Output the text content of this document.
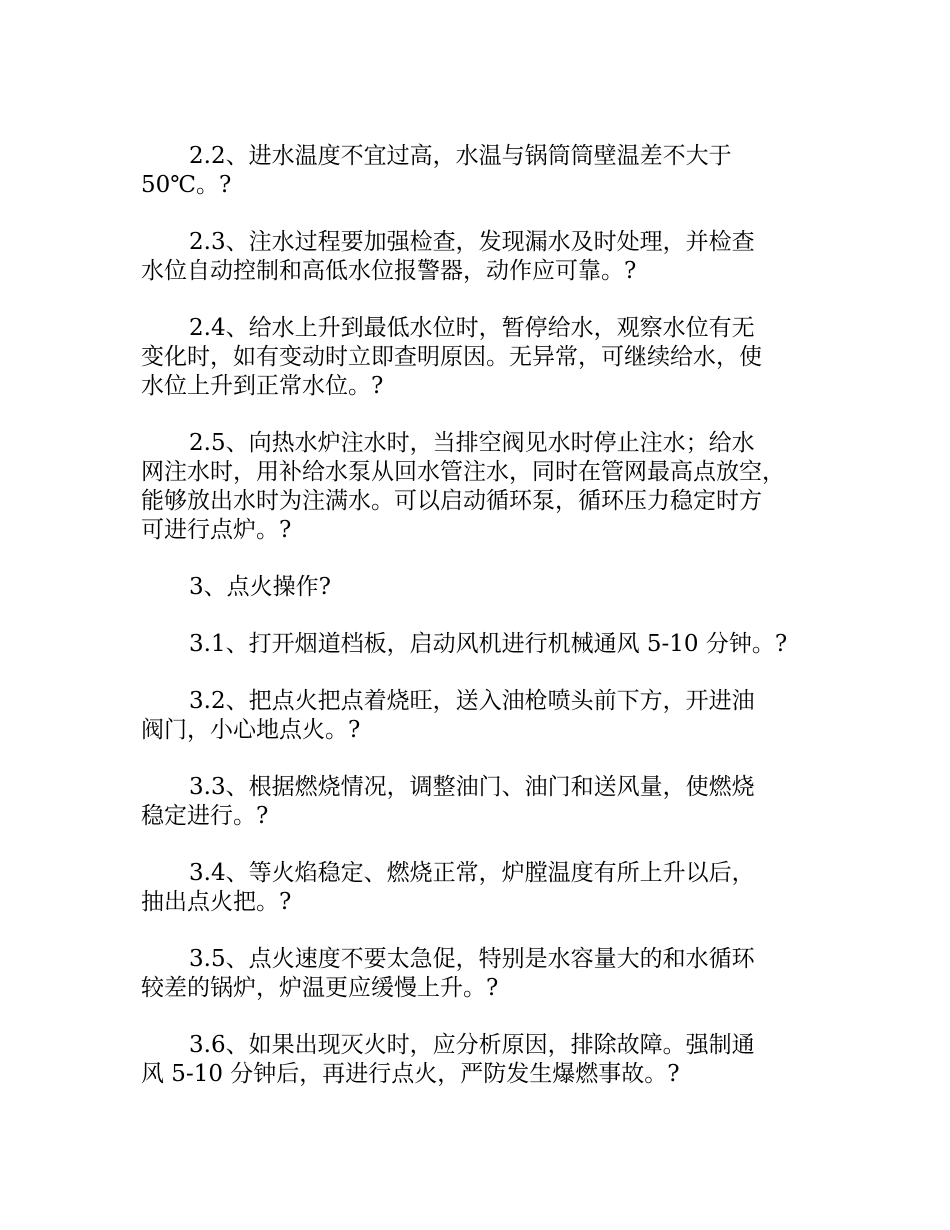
2.2、进水温度不宜过高，水温与锅筒筒壁温差不大于
50℃。?

2.3、注水过程要加强检查，发现漏水及时处理，并检查
水位自动控制和高低水位报警器，动作应可靠。?

2.4、给水上升到最低水位时，暂停给水，观察水位有无
变化时，如有变动时立即查明原因。无异常，可继续给水，使
水位上升到正常水位。?

2.5、向热水炉注水时，当排空阀见水时停止注水；给水
网注水时，用补给水泵从回水管注水，同时在管网最高点放空，
能够放出水时为注满水。可以启动循环泵，循环压力稳定时方
可进行点炉。?

3、点火操作?

3.1、打开烟道档板，启动风机进行机械通风 5-10 分钟。?

3.2、把点火把点着烧旺，送入油枪喷头前下方，开进油
阀门，小心地点火。?

3.3、根据燃烧情况，调整油门、油门和送风量，使燃烧
稳定进行。?

3.4、等火焰稳定、燃烧正常，炉膛温度有所上升以后，
抽出点火把。?

3.5、点火速度不要太急促，特别是水容量大的和水循环
较差的锅炉，炉温更应缓慢上升。?

3.6、如果出现灭火时，应分析原因，排除故障。强制通
风 5-10 分钟后，再进行点火，严防发生爆燃事故。?
